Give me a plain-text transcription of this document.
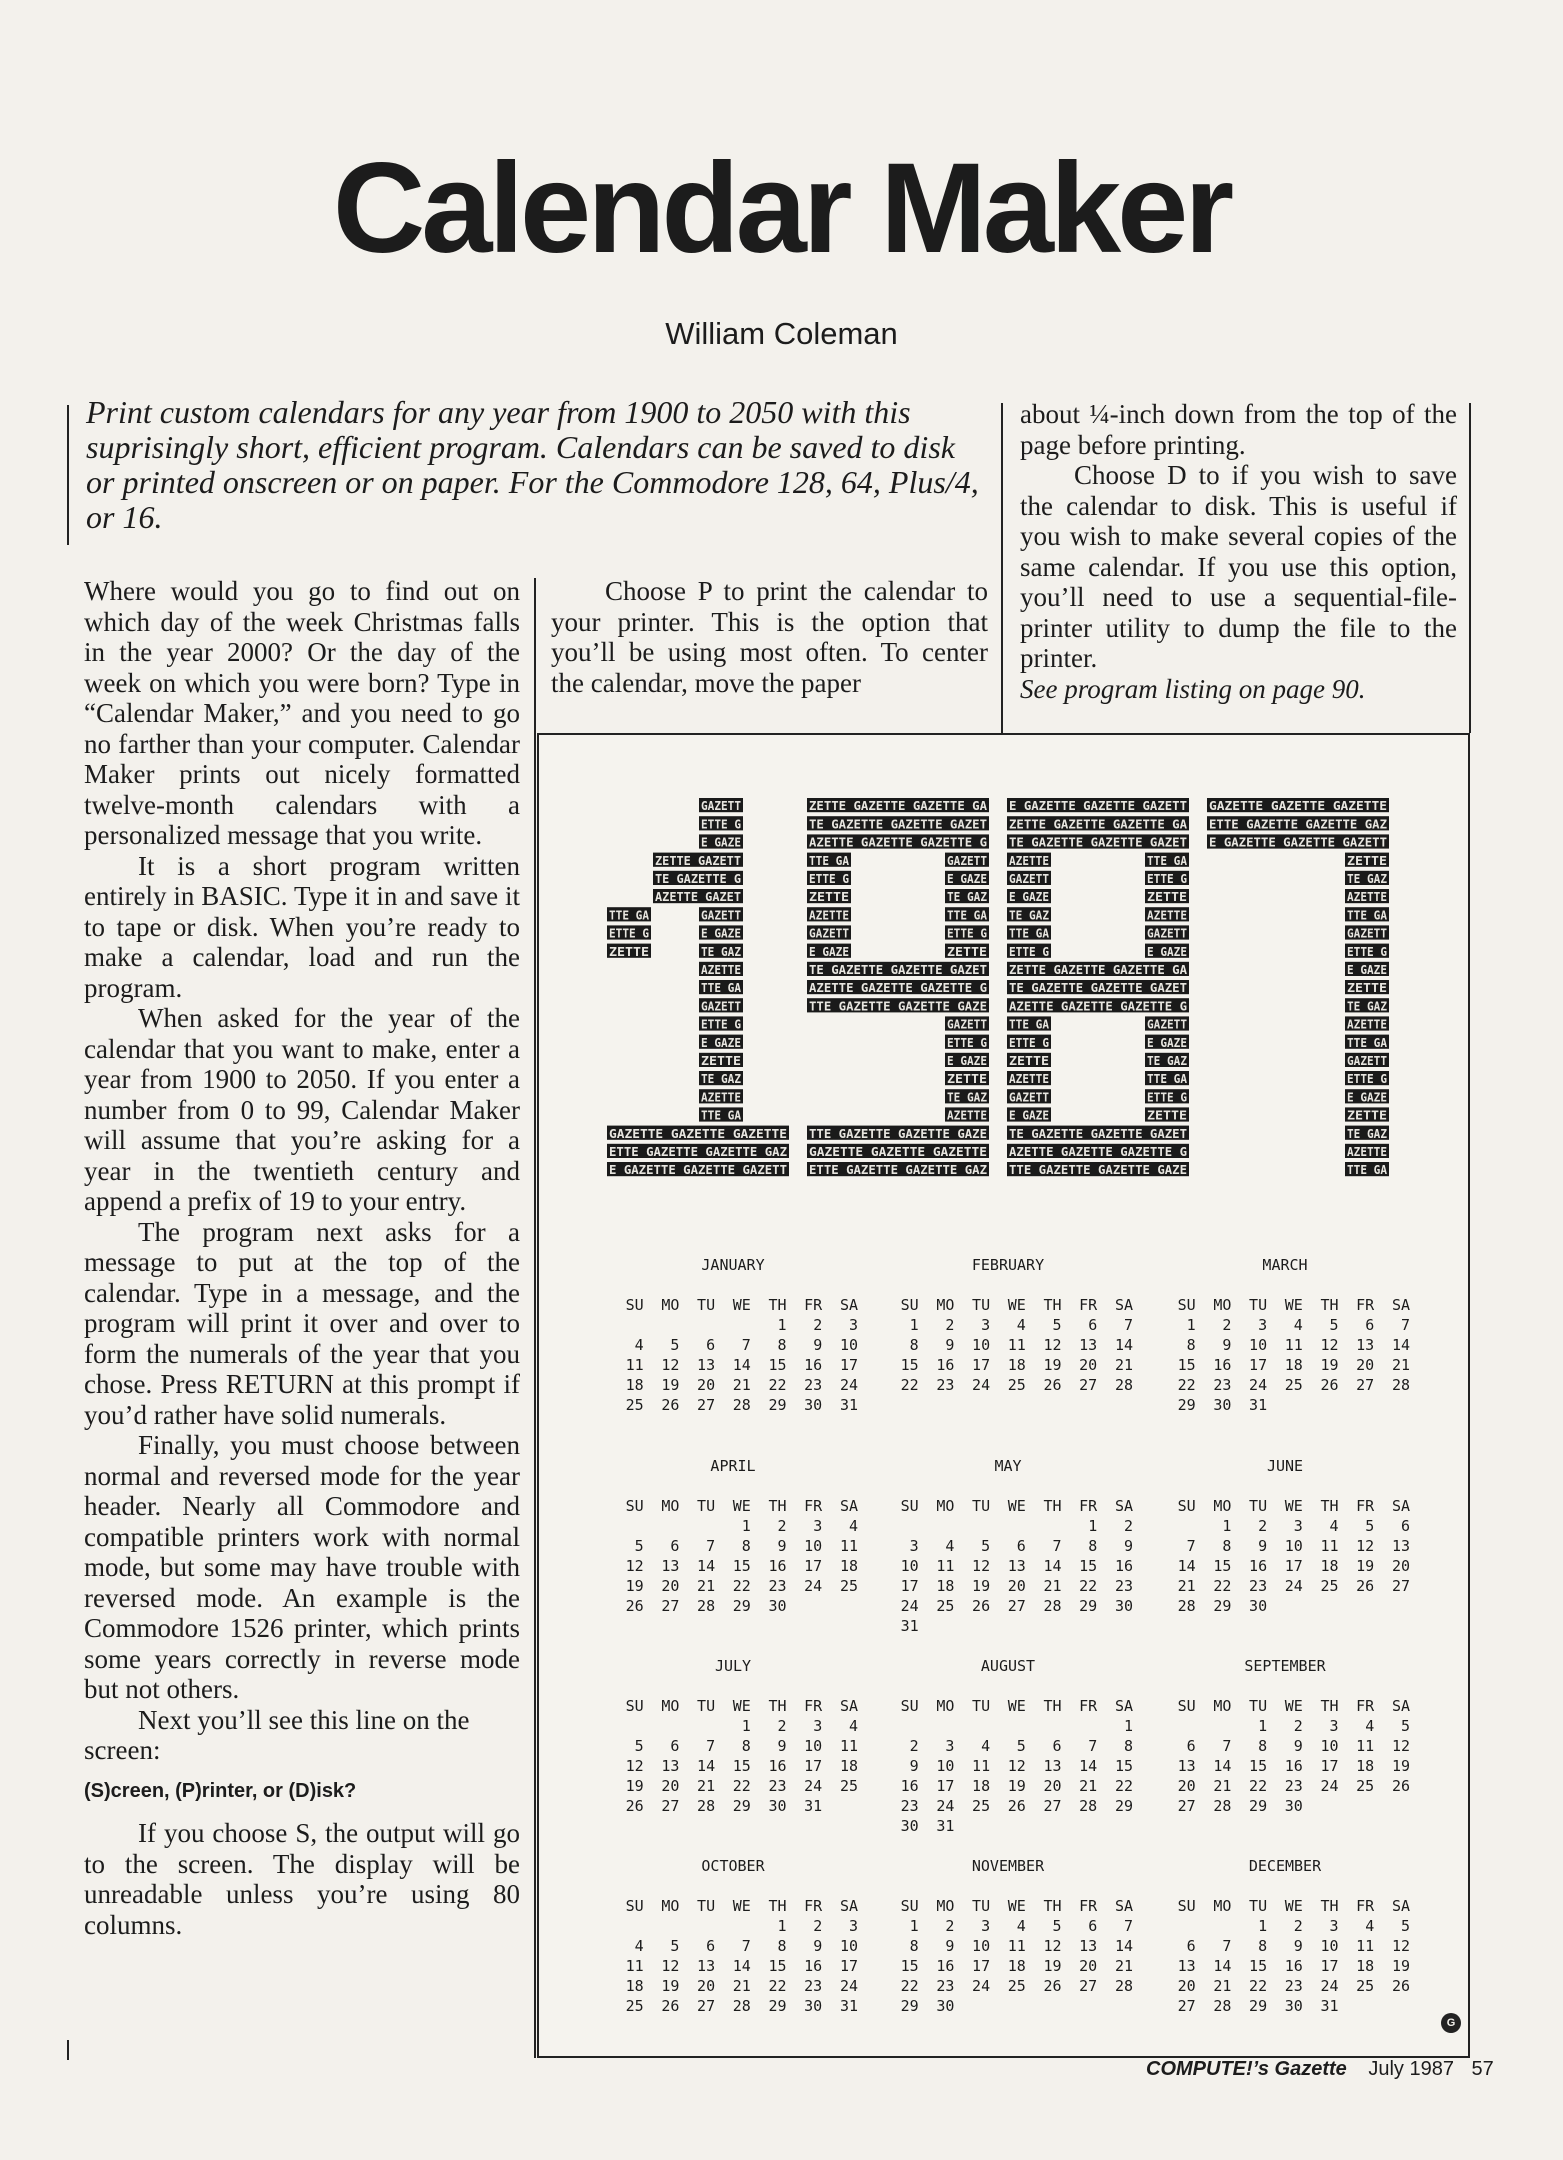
Calendar Maker
William Coleman

Print custom calendars for any year from 1900 to 2050 with this suprisingly short, efficient program. Calendars can be saved to disk or printed onscreen or on paper. For the Commodore 128, 64, Plus/4, or 16.

Where would you go to find out on which day of the week Christmas falls in the year 2000? Or the day of the week on which you were born? Type in “Calendar Maker,” and you need to go no farther than your computer. Calendar Maker prints out nicely formatted twelve-month calendars with a personalized message that you write.

It is a short program written entirely in BASIC. Type it in and save it to tape or disk. When you’re ready to make a calendar, load and run the program.

When asked for the year of the calendar that you want to make, enter a year from 1900 to 2050. If you enter a number from 0 to 99, Calendar Maker will assume that you’re asking for a year in the twentieth century and append a prefix of 19 to your entry.

The program next asks for a message to put at the top of the calendar. Type in a message, and the program will print it over and over to form the numerals of the year that you chose. Press RETURN at this prompt if you’d rather have solid numerals.

Finally, you must choose between normal and reversed mode for the year header. Nearly all Commodore and compatible printers work with normal mode, but some may have trouble with reversed mode. An example is the Commodore 1526 printer, which prints some years correctly in reverse mode but not others.

Next you’ll see this line on the screen:

(S)creen, (P)rinter, or (D)isk?

If you choose S, the output will go to the screen. The display will be unreadable unless you’re using 80 columns.

Choose P to print the calendar to your printer. This is the option that you’ll be using most often. To center the calendar, move the paper

about ¼-inch down from the top of the page before printing.

Choose D to if you wish to save the calendar to disk. This is useful if you wish to make several copies of the same calendar. If you use this option, you’ll need to use a sequential-file-printer utility to dump the file to the printer.

See program listing on page 90.

GAZETT
ETTE G
E GAZE
ZETTE GAZETT
TE GAZETTE G
AZETTE GAZET
TTE GA	GAZETT
ETTE G	E GAZE
ZETTE	TE GAZ
AZETTE
TTE GA
GAZETT
ETTE G
E GAZE
ZETTE
TE GAZ
AZETTE
TTE GA
GAZETTE GAZETTE GAZETTE
ETTE GAZETTE GAZETTE GAZ
E GAZETTE GAZETTE GAZETT
ZETTE GAZETTE GAZETTE GA
TE GAZETTE GAZETTE GAZET
AZETTE GAZETTE GAZETTE G
TTE GA	GAZETT
ETTE G	E GAZE
ZETTE	TE GAZ
AZETTE	TTE GA
GAZETT	ETTE G
E GAZE	ZETTE
TE GAZETTE GAZETTE GAZET
AZETTE GAZETTE GAZETTE G
TTE GAZETTE GAZETTE GAZE
GAZETT
ETTE G
E GAZE
ZETTE
TE GAZ
AZETTE
TTE GAZETTE GAZETTE GAZE
GAZETTE GAZETTE GAZETTE
ETTE GAZETTE GAZETTE GAZ
E GAZETTE GAZETTE GAZETT
ZETTE GAZETTE GAZETTE GA
TE GAZETTE GAZETTE GAZET
AZETTE	TTE GA
GAZETT	ETTE G
E GAZE	ZETTE
TE GAZ	AZETTE
TTE GA	GAZETT
ETTE G	E GAZE
ZETTE GAZETTE GAZETTE GA
TE GAZETTE GAZETTE GAZET
AZETTE GAZETTE GAZETTE G
TTE GA	GAZETT
ETTE G	E GAZE
ZETTE	TE GAZ
AZETTE	TTE GA
GAZETT	ETTE G
E GAZE	ZETTE
TE GAZETTE GAZETTE GAZET
AZETTE GAZETTE GAZETTE G
TTE GAZETTE GAZETTE GAZE
GAZETTE GAZETTE GAZETTE
ETTE GAZETTE GAZETTE GAZ
E GAZETTE GAZETTE GAZETT
ZETTE
TE GAZ
AZETTE
TTE GA
GAZETT
ETTE G
E GAZE
ZETTE
TE GAZ
AZETTE
TTE GA
GAZETT
ETTE G
E GAZE
ZETTE
TE GAZ
AZETTE
TTE GA
JANUARY
SU	MO	TU	WE	TH	FR	SA
				1	2	3
4	5	6	7	8	9	10
11	12	13	14	15	16	17
18	19	20	21	22	23	24
25	26	27	28	29	30	31
FEBRUARY
SU	MO	TU	WE	TH	FR	SA
1	2	3	4	5	6	7
8	9	10	11	12	13	14
15	16	17	18	19	20	21
22	23	24	25	26	27	28
MARCH
SU	MO	TU	WE	TH	FR	SA
1	2	3	4	5	6	7
8	9	10	11	12	13	14
15	16	17	18	19	20	21
22	23	24	25	26	27	28
29	30	31				
APRIL
SU	MO	TU	WE	TH	FR	SA
			1	2	3	4
5	6	7	8	9	10	11
12	13	14	15	16	17	18
19	20	21	22	23	24	25
26	27	28	29	30		
MAY
SU	MO	TU	WE	TH	FR	SA
					1	2
3	4	5	6	7	8	9
10	11	12	13	14	15	16
17	18	19	20	21	22	23
24	25	26	27	28	29	30
31						
JUNE
SU	MO	TU	WE	TH	FR	SA
	1	2	3	4	5	6
7	8	9	10	11	12	13
14	15	16	17	18	19	20
21	22	23	24	25	26	27
28	29	30				
JULY
SU	MO	TU	WE	TH	FR	SA
			1	2	3	4
5	6	7	8	9	10	11
12	13	14	15	16	17	18
19	20	21	22	23	24	25
26	27	28	29	30	31	
AUGUST
SU	MO	TU	WE	TH	FR	SA
						1
2	3	4	5	6	7	8
9	10	11	12	13	14	15
16	17	18	19	20	21	22
23	24	25	26	27	28	29
30	31					
SEPTEMBER
SU	MO	TU	WE	TH	FR	SA
		1	2	3	4	5
6	7	8	9	10	11	12
13	14	15	16	17	18	19
20	21	22	23	24	25	26
27	28	29	30			
OCTOBER
SU	MO	TU	WE	TH	FR	SA
				1	2	3
4	5	6	7	8	9	10
11	12	13	14	15	16	17
18	19	20	21	22	23	24
25	26	27	28	29	30	31
NOVEMBER
SU	MO	TU	WE	TH	FR	SA
1	2	3	4	5	6	7
8	9	10	11	12	13	14
15	16	17	18	19	20	21
22	23	24	25	26	27	28
29	30					
DECEMBER
SU	MO	TU	WE	TH	FR	SA
		1	2	3	4	5
6	7	8	9	10	11	12
13	14	15	16	17	18	19
20	21	22	23	24	25	26
27	28	29	30	31		
G
COMPUTE!’s Gazette July 1987 57
